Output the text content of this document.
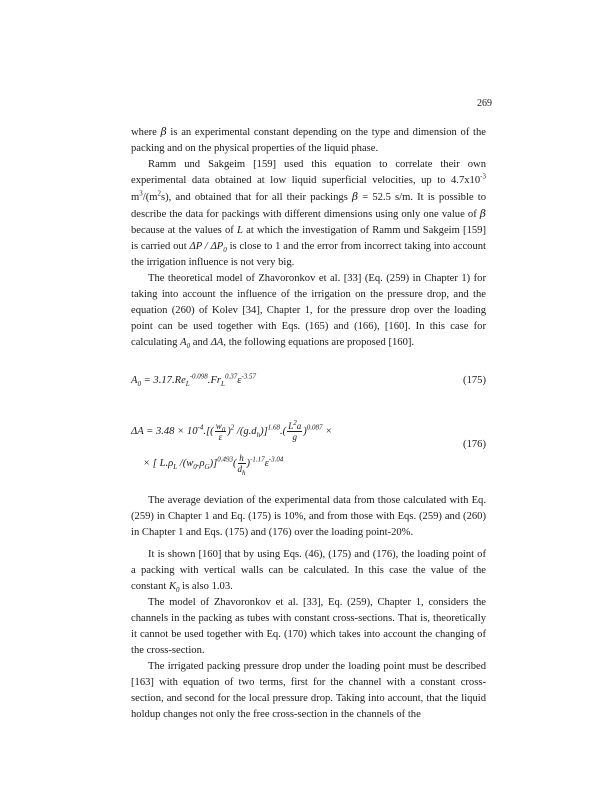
269

where β is an experimental constant depending on the type and dimension of the packing and on the physical properties of the liquid phase.

Ramm und Sakgeim [159] used this equation to correlate their own experimental data obtained at low liquid superficial velocities, up to $4.7x10^{-3}$ $m^3/(m^2s)$, and obtained that for all their packings β = 52.5 s/m. It is possible to describe the data for packings with different dimensions using only one value of β because at the values of L at which the investigation of Ramm und Sakgeim [159] is carried out ΔP / $\Delta P_0$ is close to 1 and the error from incorrect taking into account the irrigation influence is not very big.

The theoretical model of Zhavoronkov et al. [33] (Eq. (259) in Chapter 1) for taking into account the influence of the irrigation on the pressure drop, and the equation (260) of Kolev [34], Chapter 1, for the pressure drop over the loading point can be used together with Eqs. (165) and (166), [160]. In this case for calculating $A_0$ and ΔA, the following equations are proposed [160].

$A_0 = 3.17.Re_L^{-0.098}.Fr_L^{0.37}\varepsilon^{-3.57}$	(175)
$\Delta A = 3.48 \times 10^{-4}.[( \frac{w_0}{\varepsilon} )^2$ $/(g.d_h)]^{1.68}.( \frac{L^2a}{g} )^{0.087}$ ×
(176)
× [ $L.\rho_L$ $/(w_0.\rho_G)]^{0.493}( \frac{h}{d_h} )^{-1.17}\varepsilon^{-3.04}$

The average deviation of the experimental data from those calculated with Eq. (259) in Chapter 1 and Eq. (175) is 10%, and from those with Eqs. (259) and (260) in Chapter 1 and Eqs. (175) and (176) over the loading point-20%.

It is shown [160] that by using Eqs. (46), (175) and (176), the loading point of a packing with vertical walls can be calculated. In this case the value of the constant $K_0$ is also 1.03.

The model of Zhavoronkov et al. [33], Eq. (259), Chapter 1, considers the channels in the packing as tubes with constant cross-sections. That is, theoretically it cannot be used together with Eq. (170) which takes into account the changing of the cross-section.

The irrigated packing pressure drop under the loading point must be described [163] with equation of two terms, first for the channel with a constant cross-section, and second for the local pressure drop. Taking into account, that the liquid holdup changes not only the free cross-section in the channels of the
